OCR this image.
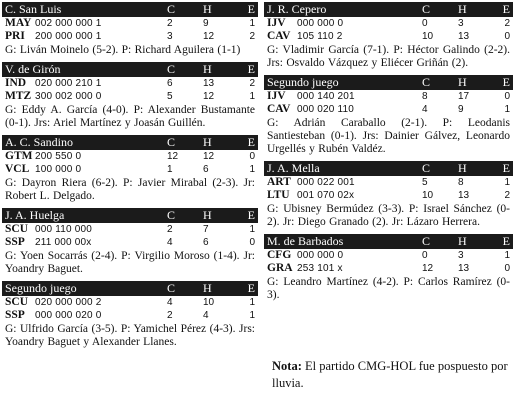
C. San Luis	C	H	E
MAY 002 000 000 1	2	9	1
PRI	200 000 000 1	3	12	2
G: Liván Moinelo (5-2). P: Richard Aguilera (1-1)
V. de Girón	C	H	E
IND 020 000 210 1	6	13	2
MTZ 300 002 000 0	5	12	1
G: Eddy A. García (4-0). P: Alexander Bustamante (0-1). Jrs: Ariel Martínez y Joasán Guillén.
A. C. Sandino	C	H	E
GTM 200 550 0	12	12	0
VCL 100 000 0	1	6	1
G: Dayron Riera (6-2). P: Javier Mirabal (2-3). Jr: Robert L. Delgado.
J. A. Huelga	C	H	E
SCU 000 110 000	2	7	1
SSP	211 000 00x	4	6	0
G: Yoen Socarrás (2-4). P: Virgilio Moroso (1-4). Jr: Yoandry Baguet.
Segundo juego	C	H	E
SCU 020 000 000 2	4	10	1
SSP	000 000 020 0	2	4	1
G: Ulfrido García (3-5). P: Yamichel Pérez (4-3). Jrs: Yoandry Baguet y Alexander Llanes.
J. R. Cepero	C	H	E
IJV	000 000 0	0	3	2
CAV 105 110 2	10	13	0
G: Vladimir García (7-1). P: Héctor Galindo (2-2). Jrs: Osvaldo Vázquez y Eliécer Griñán (2).
Segundo juego	C	H	E
IJV	000 140 201	8	17	0
CAV 000 020 110	4	9	1
G: Adrián Caraballo (2-1). P: Leodanis Santiesteban (0-1). Jrs: Dainier Gálvez, Leonardo Urgellés y Rubén Valdéz.
J. A. Mella	C	H	E
ART 000 022 001	5	8	1
LTU 001 070 02x	10	13	2
G: Ubisney Bermúdez (3-3). P: Israel Sánchez (0-2). Jr: Diego Granado (2). Jr: Lázaro Herrera.
M. de Barbados	C	H	E
CFG 000 000 0	0	3	1
GRA 253 101 x	12	13	0
G: Leandro Martínez (4-2). P: Carlos Ramírez (0-3).
Nota: El partido CMG-HOL fue pospuesto por lluvia.
